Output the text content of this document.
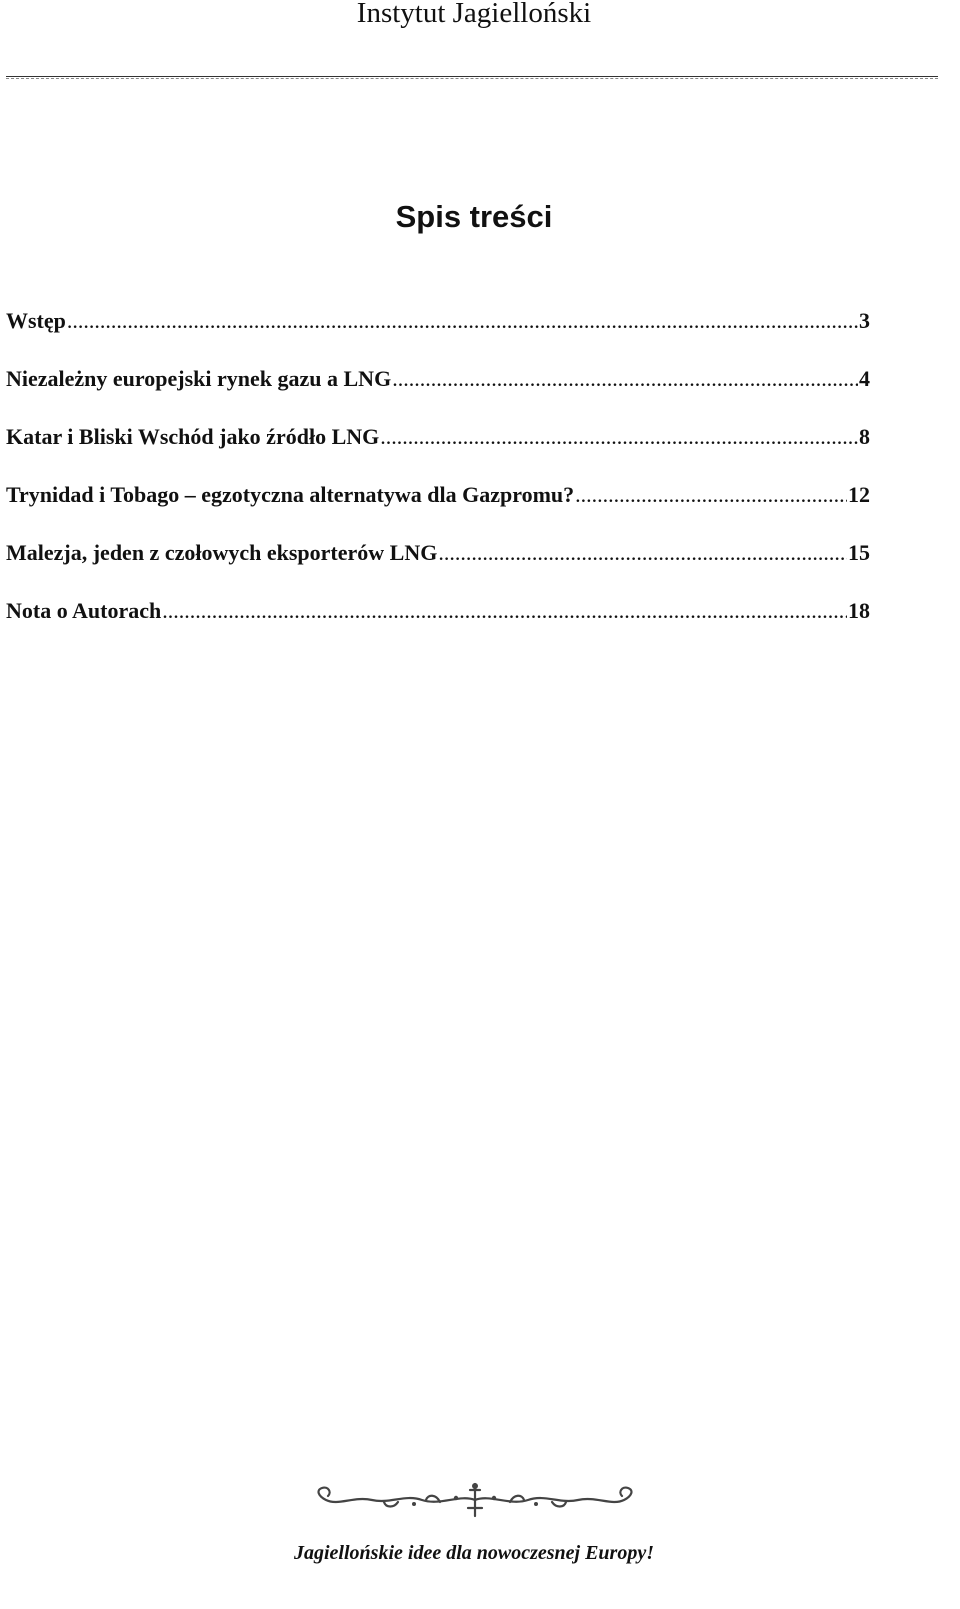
Instytut Jagielloński
Spis treści
Wstęp .....	3
Niezależny europejski rynek gazu a LNG .....	4
Katar i Bliski Wschód jako źródło LNG .....	8
Trynidad i Tobago – egzotyczna alternatywa dla Gazpromu? .....	12
Malezja, jeden z czołowych eksporterów LNG .....	15
Nota o Autorach .....	18
Jagiellońskie idee dla nowoczesnej Europy!
